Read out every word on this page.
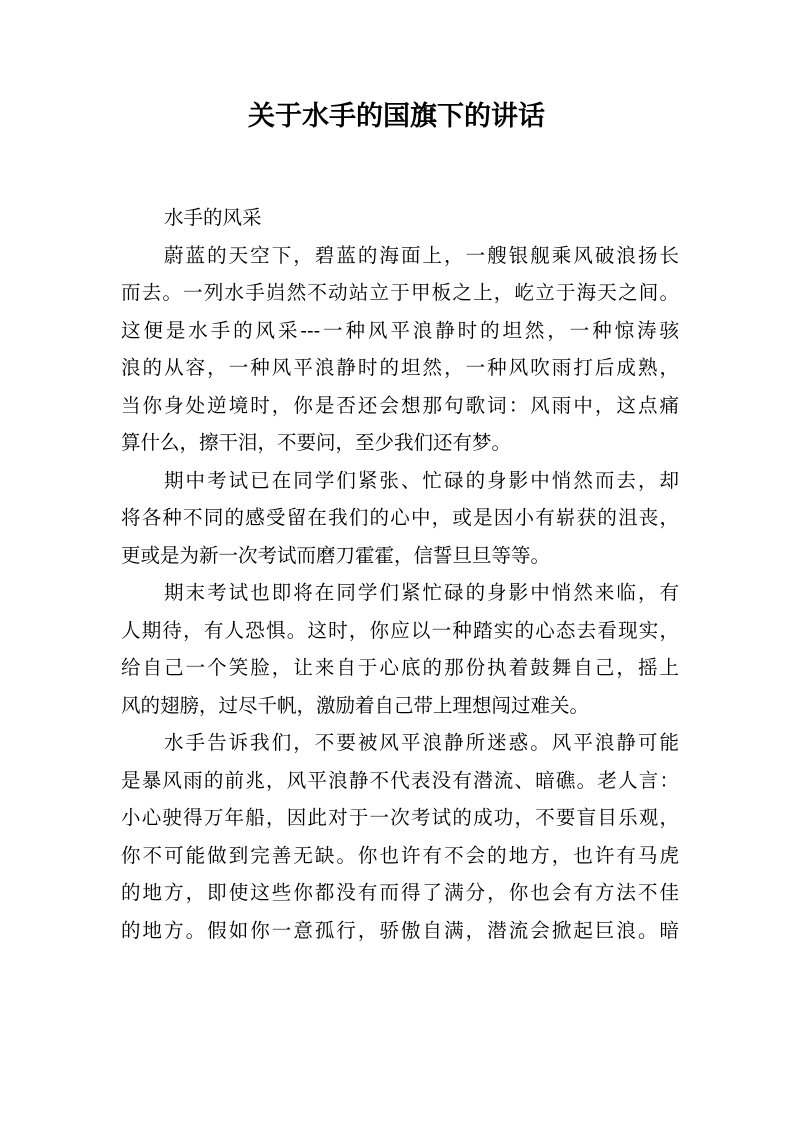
关于水手的国旗下的讲话

水手的风采

蔚蓝的天空下，碧蓝的海面上，一艘银舰乘风破浪扬长
而去。一列水手岿然不动站立于甲板之上，屹立于海天之间。
这便是水手的风采---一种风平浪静时的坦然，一种惊涛骇
浪的从容，一种风平浪静时的坦然，一种风吹雨打后成熟，
当你身处逆境时，你是否还会想那句歌词：风雨中，这点痛
算什么，擦干泪，不要问，至少我们还有梦。

期中考试已在同学们紧张、忙碌的身影中悄然而去，却
将各种不同的感受留在我们的心中，或是因小有崭获的沮丧，
更或是为新一次考试而磨刀霍霍，信誓旦旦等等。

期末考试也即将在同学们紧忙碌的身影中悄然来临，有
人期待，有人恐惧。这时，你应以一种踏实的心态去看现实，
给自己一个笑脸，让来自于心底的那份执着鼓舞自己，摇上
风的翅膀，过尽千帆，激励着自己带上理想闯过难关。

水手告诉我们，不要被风平浪静所迷惑。风平浪静可能
是暴风雨的前兆，风平浪静不代表没有潜流、暗礁。老人言：
小心驶得万年船，因此对于一次考试的成功，不要盲目乐观，
你不可能做到完善无缺。你也许有不会的地方，也许有马虎
的地方，即使这些你都没有而得了满分，你也会有方法不佳
的地方。假如你一意孤行，骄傲自满，潜流会掀起巨浪。暗
